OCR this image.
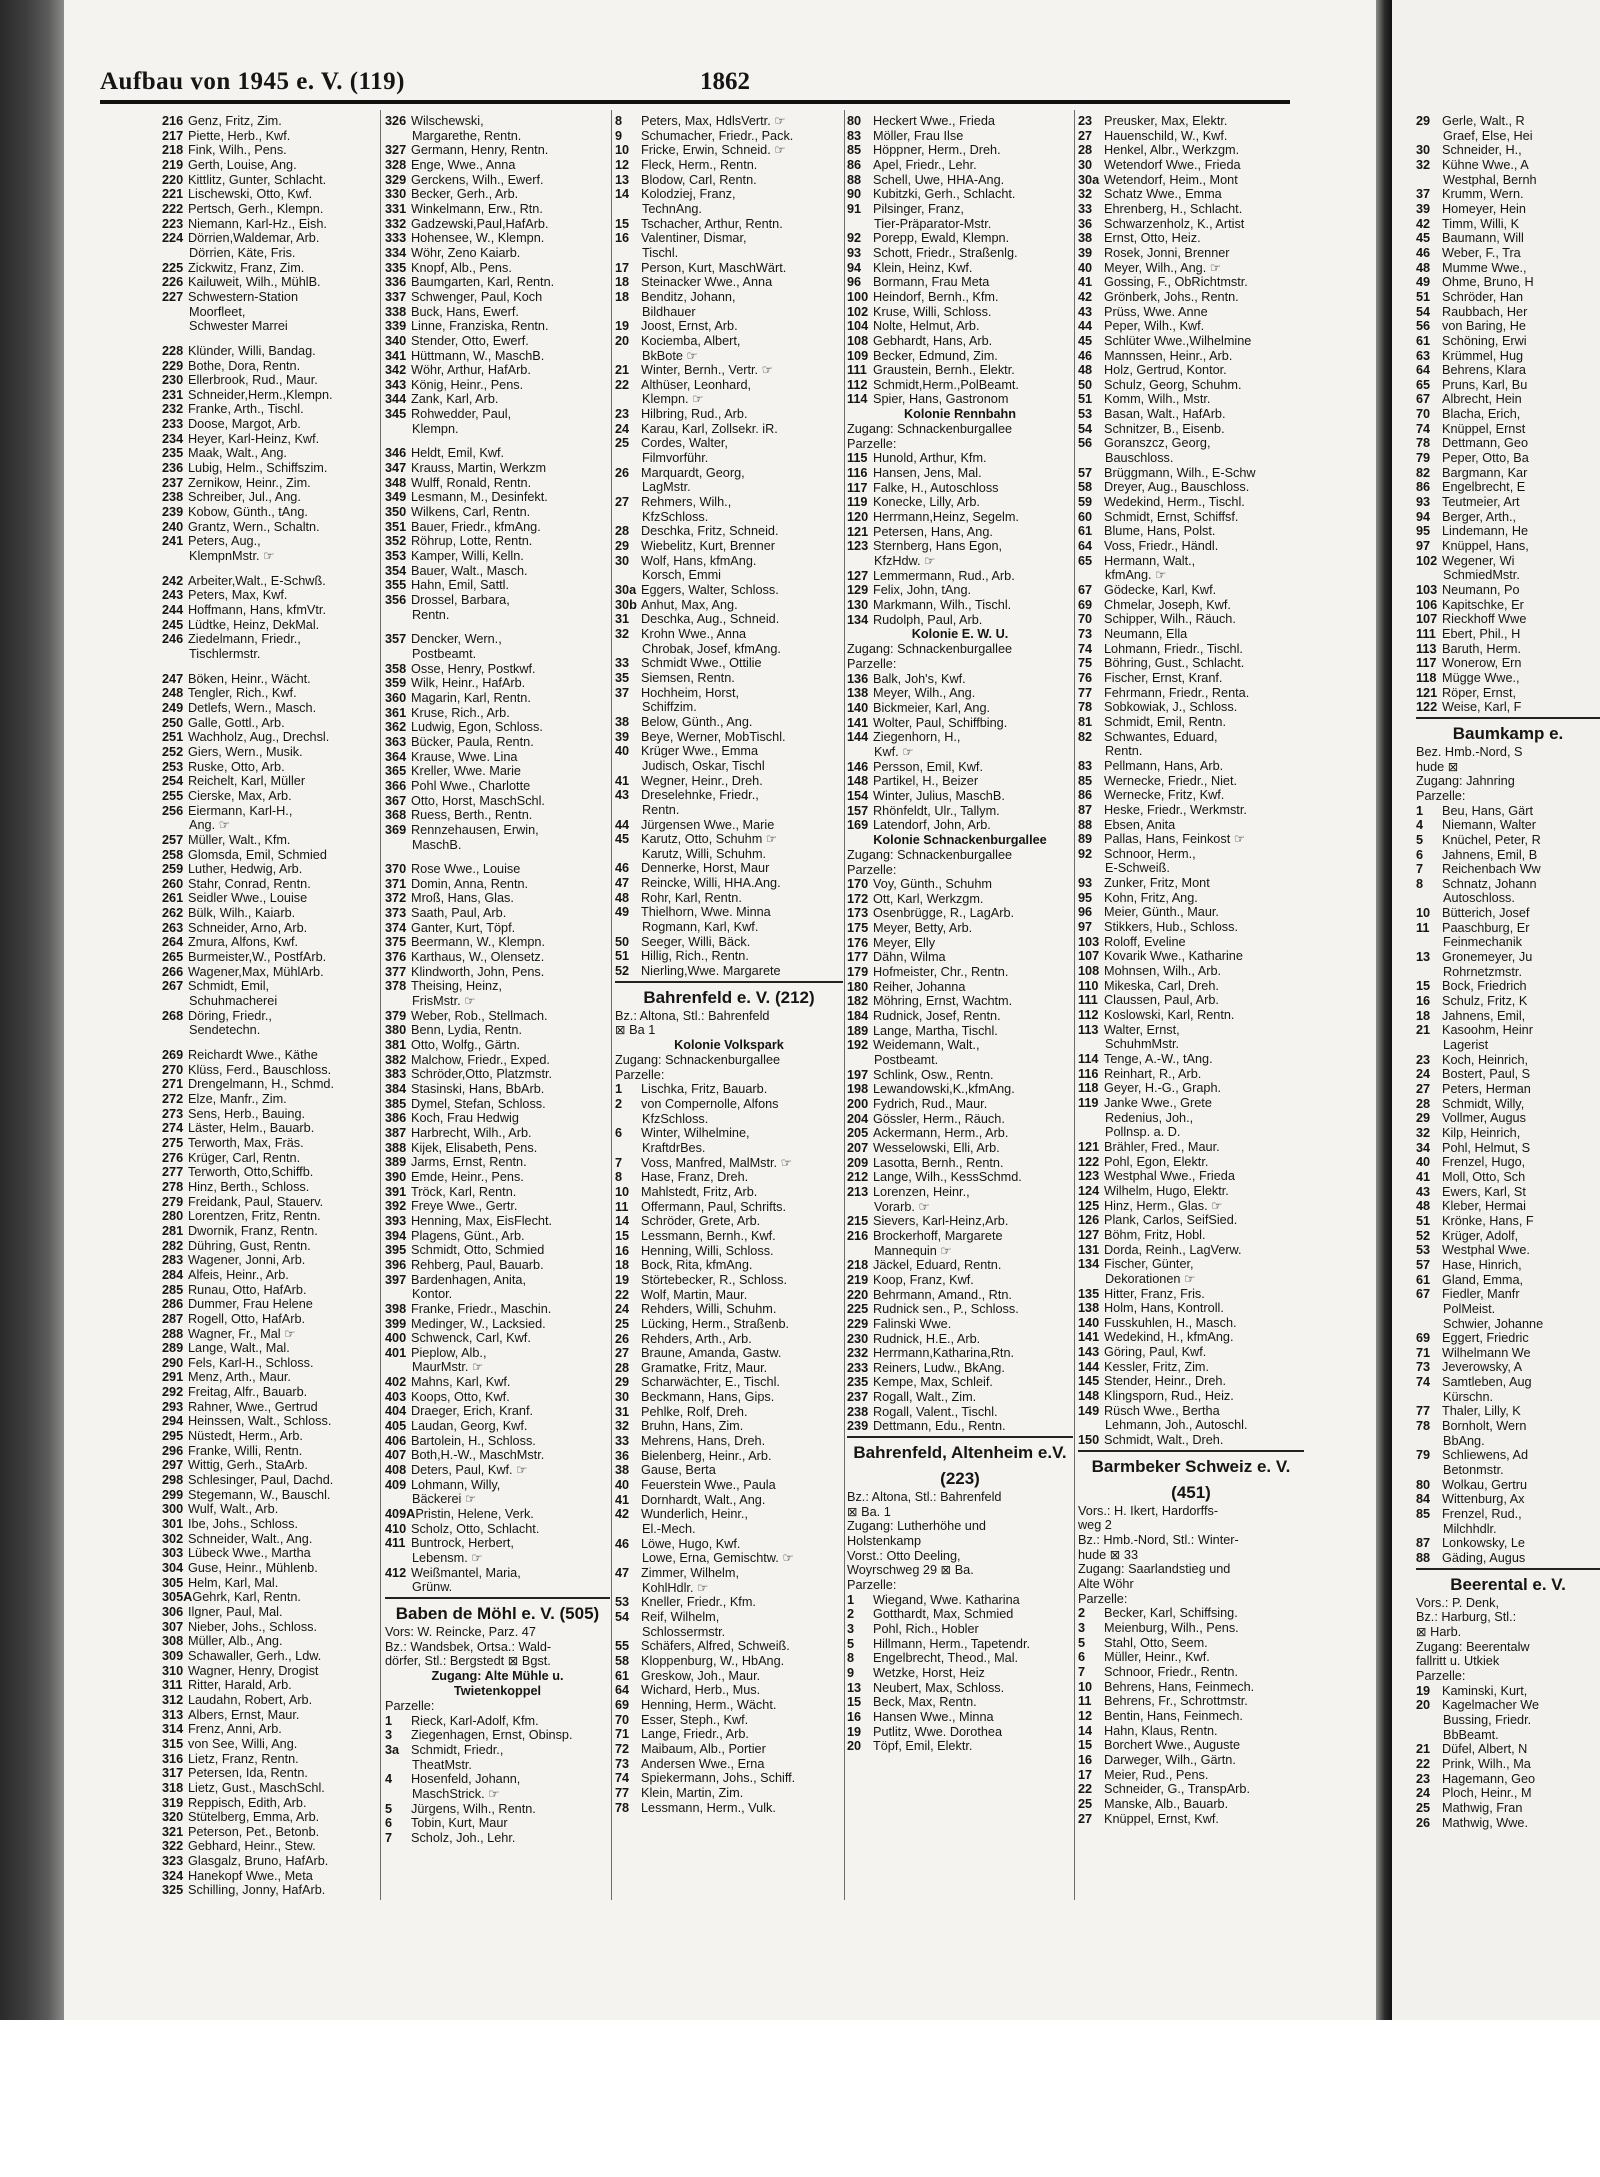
29 Gerle, Walt., R
Graef, Else, Hei
30 Schneider, H.,
32 Kühne Wwe., A
Westphal, Bernh
37 Krumm, Wern.
39 Homeyer, Hein
42 Timm, Willi, K
45 Baumann, Will
46 Weber, F., Tra
48 Mumme Wwe.,
49 Ohme, Bruno, H
51 Schröder, Han
54 Raubbach, Her
56 von Baring, He
61 Schöning, Erwi
63 Krümmel, Hug
64 Behrens, Klara
65 Pruns, Karl, Bu
67 Albrecht, Hein
70 Blacha, Erich,
74 Knüppel, Ernst
78 Dettmann, Geo
79 Peper, Otto, Ba
82 Bargmann, Kar
86 Engelbrecht, E
93 Teutmeier, Art
94 Berger, Arth.,
95 Lindemann, He
97 Knüppel, Hans,
102 Wegener, Wi
SchmiedMstr.
103 Neumann, Po
106 Kapitschke, Er
107 Rieckhoff Wwe
111 Ebert, Phil., H
113 Baruth, Herm.
117 Wonerow, Ern
118 Mügge Wwe.,
121 Röper, Ernst,
122 Weise, Karl, F
Baumkamp e.
Bez. Hmb.-Nord, S
hude ⊠
Zugang: Jahnring
Parzelle:
1 Beu, Hans, Gärt
4 Niemann, Walter
5 Knüchel, Peter, R
6 Jahnens, Emil, B
7 Reichenbach Ww
8 Schnatz, Johann
Autoschloss.
10 Bütterich, Josef
11 Paaschburg, Er
Feinmechanik
13 Gronemeyer, Ju
Rohrnetzmstr.
15 Bock, Friedrich
16 Schulz, Fritz, K
18 Jahnens, Emil,
21 Kasoohm, Heinr
Lagerist
23 Koch, Heinrich,
24 Bostert, Paul, S
27 Peters, Herman
28 Schmidt, Willy,
29 Vollmer, Augus
32 Kilp, Heinrich,
34 Pohl, Helmut, S
40 Frenzel, Hugo,
41 Moll, Otto, Sch
43 Ewers, Karl, St
48 Kleber, Hermai
51 Krönke, Hans, F
52 Krüger, Adolf,
53 Westphal Wwe.
57 Hase, Hinrich,
61 Gland, Emma,
67 Fiedler, Manfr
PolMeist.
Schwier, Johanne
69 Eggert, Friedric
71 Wilhelmann We
73 Jeverowsky, A
74 Samtleben, Aug
Kürschn.
77 Thaler, Lilly, K
78 Bornholt, Wern
BbAng.
79 Schliewens, Ad
Betonmstr.
80 Wolkau, Gertru
84 Wittenburg, Ax
85 Frenzel, Rud.,
Milchhdlr.
87 Lonkowsky, Le
88 Gäding, Augus
Beerental e. V.
Vors.: P. Denk,
Bz.: Harburg, Stl.:
⊠ Harb.
Zugang: Beerentalw
fallritt u. Utkiek
Parzelle:
19 Kaminski, Kurt,
20 Kagelmacher We
Bussing, Friedr.
BbBeamt.
21 Düfel, Albert, N
22 Prink, Wilh., Ma
23 Hagemann, Geo
24 Ploch, Heinr., M
25 Mathwig, Fran
26 Mathwig, Wwe.
Aufbau von 1945 e. V. (119)	1862
216 Genz, Fritz, Zim.
217 Piette, Herb., Kwf.
218 Fink, Wilh., Pens.
219 Gerth, Louise, Ang.
220 Kittlitz, Gunter, Schlacht.
221 Lischewski, Otto, Kwf.
222 Pertsch, Gerh., Klempn.
223 Niemann, Karl-Hz., Eish.
224 Dörrien,Waldemar, Arb.
Dörrien, Käte, Fris.
225 Zickwitz, Franz, Zim.
226 Kailuweit, Wilh., MühlB.
227 Schwestern-Station
Moorfleet,
Schwester Marrei
228 Klünder, Willi, Bandag.
229 Bothe, Dora, Rentn.
230 Ellerbrook, Rud., Maur.
231 Schneider,Herm.,Klempn.
232 Franke, Arth., Tischl.
233 Doose, Margot, Arb.
234 Heyer, Karl-Heinz, Kwf.
235 Maak, Walt., Ang.
236 Lubig, Helm., Schiffszim.
237 Zernikow, Heinr., Zim.
238 Schreiber, Jul., Ang.
239 Kobow, Günth., tAng.
240 Grantz, Wern., Schaltn.
241 Peters, Aug.,
KlempnMstr. ☞
242 Arbeiter,Walt., E-Schwß.
243 Peters, Max, Kwf.
244 Hoffmann, Hans, kfmVtr.
245 Lüdtke, Heinz, DekMal.
246 Ziedelmann, Friedr.,
Tischlermstr.
247 Böken, Heinr., Wächt.
248 Tengler, Rich., Kwf.
249 Detlefs, Wern., Masch.
250 Galle, Gottl., Arb.
251 Wachholz, Aug., Drechsl.
252 Giers, Wern., Musik.
253 Ruske, Otto, Arb.
254 Reichelt, Karl, Müller
255 Cierske, Max, Arb.
256 Eiermann, Karl-H.,
Ang. ☞
257 Müller, Walt., Kfm.
258 Glomsda, Emil, Schmied
259 Luther, Hedwig, Arb.
260 Stahr, Conrad, Rentn.
261 Seidler Wwe., Louise
262 Bülk, Wilh., Kaiarb.
263 Schneider, Arno, Arb.
264 Zmura, Alfons, Kwf.
265 Burmeister,W., PostfArb.
266 Wagener,Max, MühlArb.
267 Schmidt, Emil,
Schuhmacherei
268 Döring, Friedr.,
Sendetechn.
269 Reichardt Wwe., Käthe
270 Klüss, Ferd., Bauschloss.
271 Drengelmann, H., Schmd.
272 Elze, Manfr., Zim.
273 Sens, Herb., Bauing.
274 Läster, Helm., Bauarb.
275 Terworth, Max, Fräs.
276 Krüger, Carl, Rentn.
277 Terworth, Otto,Schiffb.
278 Hinz, Berth., Schloss.
279 Freidank, Paul, Stauerv.
280 Lorentzen, Fritz, Rentn.
281 Dwornik, Franz, Rentn.
282 Dühring, Gust, Rentn.
283 Wagener, Jonni, Arb.
284 Alfeis, Heinr., Arb.
285 Runau, Otto, HafArb.
286 Dummer, Frau Helene
287 Rogell, Otto, HafArb.
288 Wagner, Fr., Mal ☞
289 Lange, Walt., Mal.
290 Fels, Karl-H., Schloss.
291 Menz, Arth., Maur.
292 Freitag, Alfr., Bauarb.
293 Rahner, Wwe., Gertrud
294 Heinssen, Walt., Schloss.
295 Nüstedt, Herm., Arb.
296 Franke, Willi, Rentn.
297 Wittig, Gerh., StaArb.
298 Schlesinger, Paul, Dachd.
299 Stegemann, W., Bauschl.
300 Wulf, Walt., Arb.
301 Ibe, Johs., Schloss.
302 Schneider, Walt., Ang.
303 Lübeck Wwe., Martha
304 Guse, Heinr., Mühlenb.
305 Helm, Karl, Mal.
305AGehrk, Karl, Rentn.
306 Ilgner, Paul, Mal.
307 Nieber, Johs., Schloss.
308 Müller, Alb., Ang.
309 Schawaller, Gerh., Ldw.
310 Wagner, Henry, Drogist
311 Ritter, Harald, Arb.
312 Laudahn, Robert, Arb.
313 Albers, Ernst, Maur.
314 Frenz, Anni, Arb.
315 von See, Willi, Ang.
316 Lietz, Franz, Rentn.
317 Petersen, Ida, Rentn.
318 Lietz, Gust., MaschSchl.
319 Reppisch, Edith, Arb.
320 Stütelberg, Emma, Arb.
321 Peterson, Pet., Betonb.
322 Gebhard, Heinr., Stew.
323 Glasgalz, Bruno, HafArb.
324 Hanekopf Wwe., Meta
325 Schilling, Jonny, HafArb.
326 Wilschewski,
Margarethe, Rentn.
327 Germann, Henry, Rentn.
328 Enge, Wwe., Anna
329 Gerckens, Wilh., Ewerf.
330 Becker, Gerh., Arb.
331 Winkelmann, Erw., Rtn.
332 Gadzewski,Paul,HafArb.
333 Hohensee, W., Klempn.
334 Wöhr, Zeno Kaiarb.
335 Knopf, Alb., Pens.
336 Baumgarten, Karl, Rentn.
337 Schwenger, Paul, Koch
338 Buck, Hans, Ewerf.
339 Linne, Franziska, Rentn.
340 Stender, Otto, Ewerf.
341 Hüttmann, W., MaschB.
342 Wöhr, Arthur, HafArb.
343 König, Heinr., Pens.
344 Zank, Karl, Arb.
345 Rohwedder, Paul,
Klempn.
346 Heldt, Emil, Kwf.
347 Krauss, Martin, Werkzm
348 Wulff, Ronald, Rentn.
349 Lesmann, M., Desinfekt.
350 Wilkens, Carl, Rentn.
351 Bauer, Friedr., kfmAng.
352 Röhrup, Lotte, Rentn.
353 Kamper, Willi, Kelln.
354 Bauer, Walt., Masch.
355 Hahn, Emil, Sattl.
356 Drossel, Barbara,
Rentn.
357 Dencker, Wern.,
Postbeamt.
358 Osse, Henry, Postkwf.
359 Wilk, Heinr., HafArb.
360 Magarin, Karl, Rentn.
361 Kruse, Rich., Arb.
362 Ludwig, Egon, Schloss.
363 Bücker, Paula, Rentn.
364 Krause, Wwe. Lina
365 Kreller, Wwe. Marie
366 Pohl Wwe., Charlotte
367 Otto, Horst, MaschSchl.
368 Ruess, Berth., Rentn.
369 Rennzehausen, Erwin,
MaschB.
370 Rose Wwe., Louise
371 Domin, Anna, Rentn.
372 Mroß, Hans, Glas.
373 Saath, Paul, Arb.
374 Ganter, Kurt, Töpf.
375 Beermann, W., Klempn.
376 Karthaus, W., Olensetz.
377 Klindworth, John, Pens.
378 Theising, Heinz,
FrisMstr. ☞
379 Weber, Rob., Stellmach.
380 Benn, Lydia, Rentn.
381 Otto, Wolfg., Gärtn.
382 Malchow, Friedr., Exped.
383 Schröder,Otto, Platzmstr.
384 Stasinski, Hans, BbArb.
385 Dymel, Stefan, Schloss.
386 Koch, Frau Hedwig
387 Harbrecht, Wilh., Arb.
388 Kijek, Elisabeth, Pens.
389 Jarms, Ernst, Rentn.
390 Emde, Heinr., Pens.
391 Tröck, Karl, Rentn.
392 Freye Wwe., Gertr.
393 Henning, Max, EisFlecht.
394 Plagens, Günt., Arb.
395 Schmidt, Otto, Schmied
396 Rehberg, Paul, Bauarb.
397 Bardenhagen, Anita,
Kontor.
398 Franke, Friedr., Maschin.
399 Medinger, W., Lacksied.
400 Schwenck, Carl, Kwf.
401 Pieplow, Alb.,
MaurMstr. ☞
402 Mahns, Karl, Kwf.
403 Koops, Otto, Kwf.
404 Draeger, Erich, Kranf.
405 Laudan, Georg, Kwf.
406 Bartolein, H., Schloss.
407 Both,H.-W., MaschMstr.
408 Deters, Paul, Kwf. ☞
409 Lohmann, Willy,
Bäckerei ☞
409APristin, Helene, Verk.
410 Scholz, Otto, Schlacht.
411 Buntrock, Herbert,
Lebensm. ☞
412 Weißmantel, Maria,
Grünw.
Baben de Möhl e. V. (505)
Vors: W. Reincke, Parz. 47
Bz.: Wandsbek, Ortsa.: Wald-
dörfer, Stl.: Bergstedt ⊠ Bgst.
Zugang: Alte Mühle u.
Twietenkoppel
Parzelle:
1 Rieck, Karl-Adolf, Kfm.
3 Ziegenhagen, Ernst, Obinsp.
3a Schmidt, Friedr.,
TheatMstr.
4 Hosenfeld, Johann,
MaschStrick. ☞
5 Jürgens, Wilh., Rentn.
6 Tobin, Kurt, Maur
7 Scholz, Joh., Lehr.
8 Peters, Max, HdlsVertr. ☞
9 Schumacher, Friedr., Pack.
10 Fricke, Erwin, Schneid. ☞
12 Fleck, Herm., Rentn.
13 Blodow, Carl, Rentn.
14 Kolodziej, Franz,
TechnAng.
15 Tschacher, Arthur, Rentn.
16 Valentiner, Dismar,
Tischl.
17 Person, Kurt, MaschWärt.
18 Steinacker Wwe., Anna
18 Benditz, Johann,
Bildhauer
19 Joost, Ernst, Arb.
20 Kociemba, Albert,
BkBote ☞
21 Winter, Bernh., Vertr. ☞
22 Althüser, Leonhard,
Klempn. ☞
23 Hilbring, Rud., Arb.
24 Karau, Karl, Zollsekr. iR.
25 Cordes, Walter,
Filmvorführ.
26 Marquardt, Georg,
LagMstr.
27 Rehmers, Wilh.,
KfzSchloss.
28 Deschka, Fritz, Schneid.
29 Wiebelitz, Kurt, Brenner
30 Wolf, Hans, kfmAng.
Korsch, Emmi
30a Eggers, Walter, Schloss.
30b Anhut, Max, Ang.
31 Deschka, Aug., Schneid.
32 Krohn Wwe., Anna
Chrobak, Josef, kfmAng.
33 Schmidt Wwe., Ottilie
35 Siemsen, Rentn.
37 Hochheim, Horst,
Schiffzim.
38 Below, Günth., Ang.
39 Beye, Werner, MobTischl.
40 Krüger Wwe., Emma
Judisch, Oskar, Tischl
41 Wegner, Heinr., Dreh.
43 Dreselehnke, Friedr.,
Rentn.
44 Jürgensen Wwe., Marie
45 Karutz, Otto, Schuhm ☞
Karutz, Willi, Schuhm.
46 Dennerke, Horst, Maur
47 Reincke, Willi, HHA.Ang.
48 Rohr, Karl, Rentn.
49 Thielhorn, Wwe. Minna
Rogmann, Karl, Kwf.
50 Seeger, Willi, Bäck.
51 Hillig, Rich., Rentn.
52 Nierling,Wwe. Margarete
Bahrenfeld e. V. (212)
Bz.: Altona, Stl.: Bahrenfeld
⊠ Ba 1
Kolonie Volkspark
Zugang: Schnackenburgallee
Parzelle:
1 Lischka, Fritz, Bauarb.
2 von Compernolle, Alfons
KfzSchloss.
6 Winter, Wilhelmine,
KraftdrBes.
7 Voss, Manfred, MalMstr. ☞
8 Hase, Franz, Dreh.
10 Mahlstedt, Fritz, Arb.
11 Offermann, Paul, Schrifts.
14 Schröder, Grete, Arb.
15 Lessmann, Bernh., Kwf.
16 Henning, Willi, Schloss.
18 Bock, Rita, kfmAng.
19 Störtebecker, R., Schloss.
22 Wolf, Martin, Maur.
24 Rehders, Willi, Schuhm.
25 Lücking, Herm., Straßenb.
26 Rehders, Arth., Arb.
27 Braune, Amanda, Gastw.
28 Gramatke, Fritz, Maur.
29 Scharwächter, E., Tischl.
30 Beckmann, Hans, Gips.
31 Pehlke, Rolf, Dreh.
32 Bruhn, Hans, Zim.
33 Mehrens, Hans, Dreh.
36 Bielenberg, Heinr., Arb.
38 Gause, Berta
40 Feuerstein Wwe., Paula
41 Dornhardt, Walt., Ang.
42 Wunderlich, Heinr.,
El.-Mech.
46 Löwe, Hugo, Kwf.
Lowe, Erna, Gemischtw. ☞
47 Zimmer, Wilhelm,
KohlHdlr. ☞
53 Kneller, Friedr., Kfm.
54 Reif, Wilhelm,
Schlossermstr.
55 Schäfers, Alfred, Schweiß.
58 Kloppenburg, W., HbAng.
61 Greskow, Joh., Maur.
64 Wichard, Herb., Mus.
69 Henning, Herm., Wächt.
70 Esser, Steph., Kwf.
71 Lange, Friedr., Arb.
72 Maibaum, Alb., Portier
73 Andersen Wwe., Erna
74 Spiekermann, Johs., Schiff.
77 Klein, Martin, Zim.
78 Lessmann, Herm., Vulk.
80 Heckert Wwe., Frieda
83 Möller, Frau Ilse
85 Höppner, Herm., Dreh.
86 Apel, Friedr., Lehr.
88 Schell, Uwe, HHA-Ang.
90 Kubitzki, Gerh., Schlacht.
91 Pilsinger, Franz,
Tier-Präparator-Mstr.
92 Porepp, Ewald, Klempn.
93 Schott, Friedr., Straßenlg.
94 Klein, Heinz, Kwf.
96 Bormann, Frau Meta
100 Heindorf, Bernh., Kfm.
102 Kruse, Willi, Schloss.
104 Nolte, Helmut, Arb.
108 Gebhardt, Hans, Arb.
109 Becker, Edmund, Zim.
111 Graustein, Bernh., Elektr.
112 Schmidt,Herm.,PolBeamt.
114 Spier, Hans, Gastronom
Kolonie Rennbahn
Zugang: Schnackenburgallee
Parzelle:
115 Hunold, Arthur, Kfm.
116 Hansen, Jens, Mal.
117 Falke, H., Autoschloss
119 Konecke, Lilly, Arb.
120 Herrmann,Heinz, Segelm.
121 Petersen, Hans, Ang.
123 Sternberg, Hans Egon,
KfzHdw. ☞
127 Lemmermann, Rud., Arb.
129 Felix, John, tAng.
130 Markmann, Wilh., Tischl.
134 Rudolph, Paul, Arb.
Kolonie E. W. U.
Zugang: Schnackenburgallee
Parzelle:
136 Balk, Joh's, Kwf.
138 Meyer, Wilh., Ang.
140 Bickmeier, Karl, Ang.
141 Wolter, Paul, Schiffbing.
144 Ziegenhorn, H.,
Kwf. ☞
146 Persson, Emil, Kwf.
148 Partikel, H., Beizer
154 Winter, Julius, MaschB.
157 Rhönfeldt, Ulr., Tallym.
169 Latendorf, John, Arb.
Kolonie Schnackenburgallee
Zugang: Schnackenburgallee
Parzelle:
170 Voy, Günth., Schuhm
172 Ott, Karl, Werkzgm.
173 Osenbrügge, R., LagArb.
175 Meyer, Betty, Arb.
176 Meyer, Elly
177 Dähn, Wilma
179 Hofmeister, Chr., Rentn.
180 Reiher, Johanna
182 Möhring, Ernst, Wachtm.
184 Rudnick, Josef, Rentn.
189 Lange, Martha, Tischl.
192 Weidemann, Walt.,
Postbeamt.
197 Schlink, Osw., Rentn.
198 Lewandowski,K.,kfmAng.
200 Fydrich, Rud., Maur.
204 Gössler, Herm., Räuch.
205 Ackermann, Herm., Arb.
207 Wesselowski, Elli, Arb.
209 Lasotta, Bernh., Rentn.
212 Lange, Wilh., KessSchmd.
213 Lorenzen, Heinr.,
Vorarb. ☞
215 Sievers, Karl-Heinz,Arb.
216 Brockerhoff, Margarete
Mannequin ☞
218 Jäckel, Eduard, Rentn.
219 Koop, Franz, Kwf.
220 Behrmann, Amand., Rtn.
225 Rudnick sen., P., Schloss.
229 Falinski Wwe.
230 Rudnick, H.E., Arb.
232 Herrmann,Katharina,Rtn.
233 Reiners, Ludw., BkAng.
235 Kempe, Max, Schleif.
237 Rogall, Walt., Zim.
238 Rogall, Valent., Tischl.
239 Dettmann, Edu., Rentn.
Bahrenfeld, Altenheim e.V.
(223)
Bz.: Altona, Stl.: Bahrenfeld
⊠ Ba. 1
Zugang: Lutherhöhe und
Holstenkamp
Vorst.: Otto Deeling,
Woyrschweg 29 ⊠ Ba.
Parzelle:
1 Wiegand, Wwe. Katharina
2 Gotthardt, Max, Schmied
3 Pohl, Rich., Hobler
5 Hillmann, Herm., Tapetendr.
8 Engelbrecht, Theod., Mal.
9 Wetzke, Horst, Heiz
13 Neubert, Max, Schloss.
15 Beck, Max, Rentn.
16 Hansen Wwe., Minna
19 Putlitz, Wwe. Dorothea
20 Töpf, Emil, Elektr.
23 Preusker, Max, Elektr.
27 Hauenschild, W., Kwf.
28 Henkel, Albr., Werkzgm.
30 Wetendorf Wwe., Frieda
30a Wetendorf, Heim., Mont
32 Schatz Wwe., Emma
33 Ehrenberg, H., Schlacht.
36 Schwarzenholz, K., Artist
38 Ernst, Otto, Heiz.
39 Rosek, Jonni, Brenner
40 Meyer, Wilh., Ang. ☞
41 Gossing, F., ObRichtmstr.
42 Grönberk, Johs., Rentn.
43 Prüss, Wwe. Anne
44 Peper, Wilh., Kwf.
45 Schlüter Wwe.,Wilhelmine
46 Mannssen, Heinr., Arb.
48 Holz, Gertrud, Kontor.
50 Schulz, Georg, Schuhm.
51 Komm, Wilh., Mstr.
53 Basan, Walt., HafArb.
54 Schnitzer, B., Eisenb.
56 Goranszcz, Georg,
Bauschloss.
57 Brüggmann, Wilh., E-Schw
58 Dreyer, Aug., Bauschloss.
59 Wedekind, Herm., Tischl.
60 Schmidt, Ernst, Schiffsf.
61 Blume, Hans, Polst.
64 Voss, Friedr., Händl.
65 Hermann, Walt.,
kfmAng. ☞
67 Gödecke, Karl, Kwf.
69 Chmelar, Joseph, Kwf.
70 Schipper, Wilh., Räuch.
73 Neumann, Ella
74 Lohmann, Friedr., Tischl.
75 Böhring, Gust., Schlacht.
76 Fischer, Ernst, Kranf.
77 Fehrmann, Friedr., Renta.
78 Sobkowiak, J., Schloss.
81 Schmidt, Emil, Rentn.
82 Schwantes, Eduard,
Rentn.
83 Pellmann, Hans, Arb.
85 Wernecke, Friedr., Niet.
86 Wernecke, Fritz, Kwf.
87 Heske, Friedr., Werkmstr.
88 Ebsen, Anita
89 Pallas, Hans, Feinkost ☞
92 Schnoor, Herm.,
E-Schweiß.
93 Zunker, Fritz, Mont
95 Kohn, Fritz, Ang.
96 Meier, Günth., Maur.
97 Stikkers, Hub., Schloss.
103 Roloff, Eveline
107 Kovarik Wwe., Katharine
108 Mohnsen, Wilh., Arb.
110 Mikeska, Carl, Dreh.
111 Claussen, Paul, Arb.
112 Koslowski, Karl, Rentn.
113 Walter, Ernst,
SchuhmMstr.
114 Tenge, A.-W., tAng.
116 Reinhart, R., Arb.
118 Geyer, H.-G., Graph.
119 Janke Wwe., Grete
Redenius, Joh.,
Pollnsp. a. D.
121 Brähler, Fred., Maur.
122 Pohl, Egon, Elektr.
123 Westphal Wwe., Frieda
124 Wilhelm, Hugo, Elektr.
125 Hinz, Herm., Glas. ☞
126 Plank, Carlos, SeifSied.
127 Böhm, Fritz, Hobl.
131 Dorda, Reinh., LagVerw.
134 Fischer, Günter,
Dekorationen ☞
135 Hitter, Franz, Fris.
138 Holm, Hans, Kontroll.
140 Fusskuhlen, H., Masch.
141 Wedekind, H., kfmAng.
143 Göring, Paul, Kwf.
144 Kessler, Fritz, Zim.
145 Stender, Heinr., Dreh.
148 Klingsporn, Rud., Heiz.
149 Rüsch Wwe., Bertha
Lehmann, Joh., Autoschl.
150 Schmidt, Walt., Dreh.
Barmbeker Schweiz e. V.
(451)
Vors.: H. Ikert, Hardorffs-
weg 2
Bz.: Hmb.-Nord, Stl.: Winter-
hude ⊠ 33
Zugang: Saarlandstieg und
Alte Wöhr
Parzelle:
2 Becker, Karl, Schiffsing.
3 Meienburg, Wilh., Pens.
5 Stahl, Otto, Seem.
6 Müller, Heinr., Kwf.
7 Schnoor, Friedr., Rentn.
10 Behrens, Hans, Feinmech.
11 Behrens, Fr., Schrottmstr.
12 Bentin, Hans, Feinmech.
14 Hahn, Klaus, Rentn.
15 Borchert Wwe., Auguste
16 Darweger, Wilh., Gärtn.
17 Meier, Rud., Pens.
22 Schneider, G., TranspArb.
25 Manske, Alb., Bauarb.
27 Knüppel, Ernst, Kwf.
